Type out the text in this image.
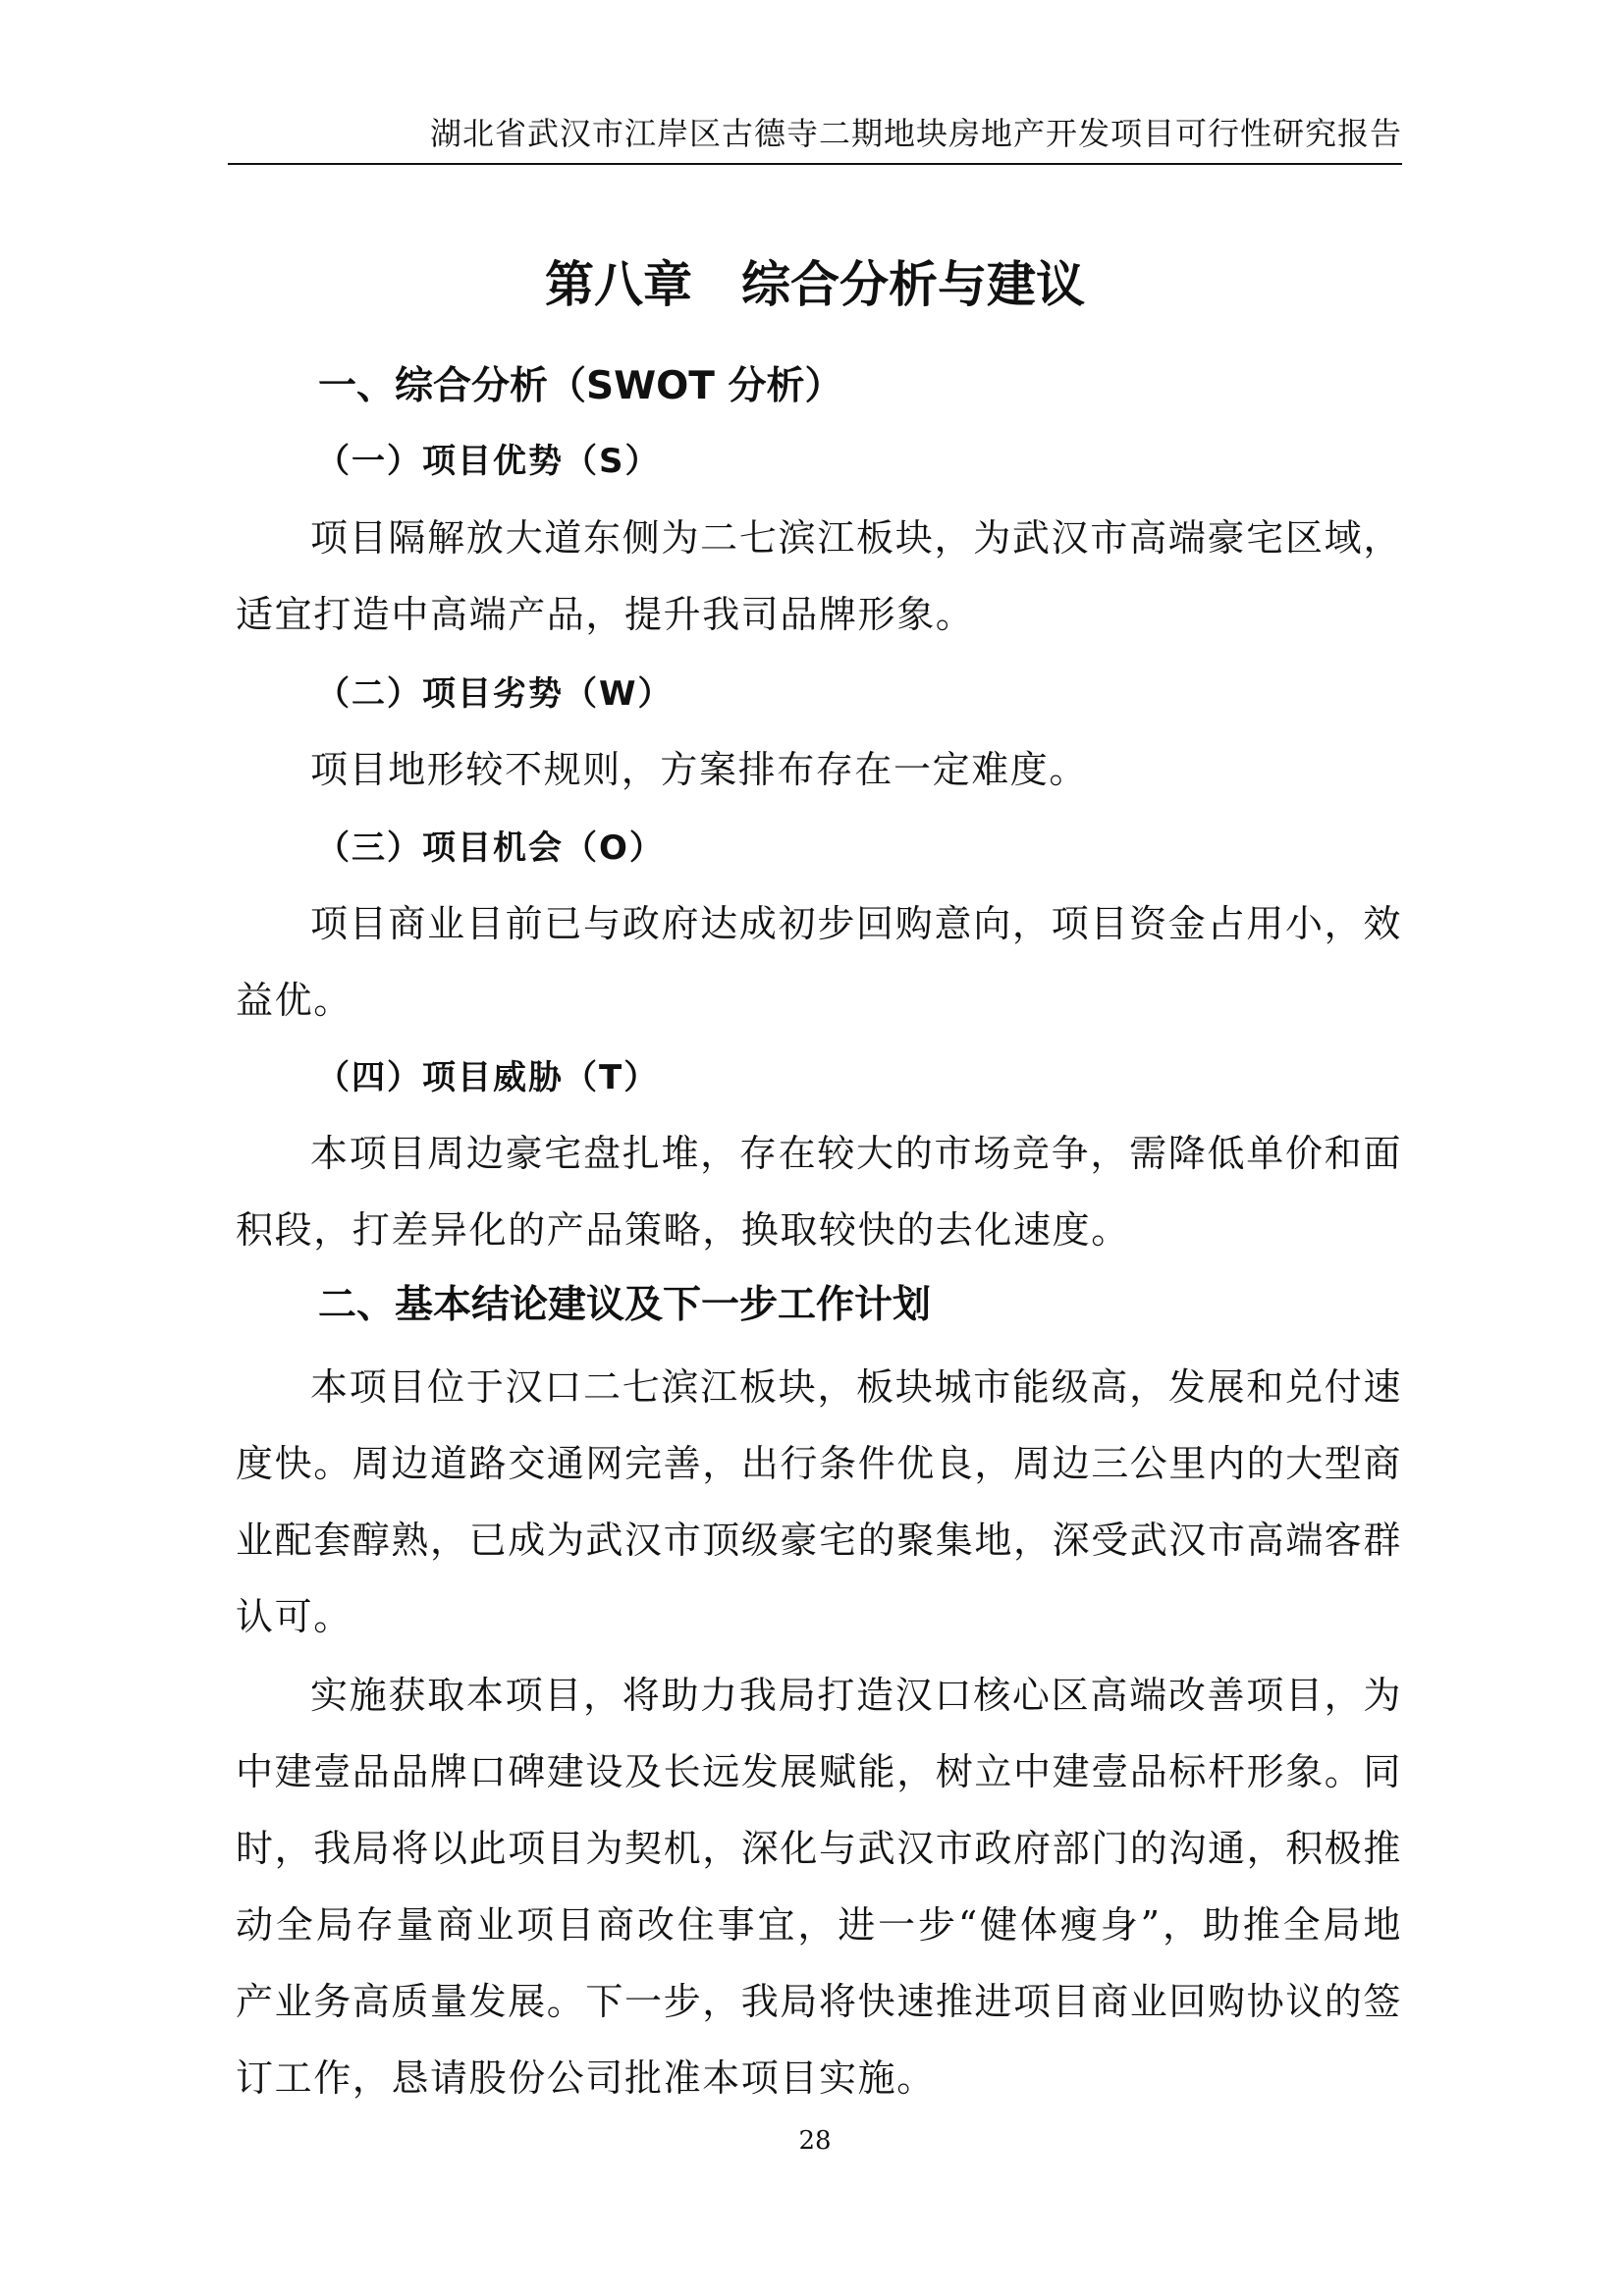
湖北省武汉市江岸区古德寺二期地块房地产开发项目可行性研究报告
第八章　综合分析与建议
一、综合分析（SWOT 分析）
（一）项目优势（S）

项目隔解放大道东侧为二七滨江板块，为武汉市高端豪宅区域，适宜打造中高端产品，提升我司品牌形象。

（二）项目劣势（W）

项目地形较不规则，方案排布存在一定难度。

（三）项目机会（O）

项目商业目前已与政府达成初步回购意向，项目资金占用小，效益优。

（四）项目威胁（T）

本项目周边豪宅盘扎堆，存在较大的市场竞争，需降低单价和面积段，打差异化的产品策略，换取较快的去化速度。

二、基本结论建议及下一步工作计划

本项目位于汉口二七滨江板块，板块城市能级高，发展和兑付速度快。周边道路交通网完善，出行条件优良，周边三公里内的大型商业配套醇熟，已成为武汉市顶级豪宅的聚集地，深受武汉市高端客群认可。

实施获取本项目，将助力我局打造汉口核心区高端改善项目，为中建壹品品牌口碑建设及长远发展赋能，树立中建壹品标杆形象。同时，我局将以此项目为契机，深化与武汉市政府部门的沟通，积极推动全局存量商业项目商改住事宜，进一步“健体瘦身”，助推全局地产业务高质量发展。下一步，我局将快速推进项目商业回购协议的签订工作，恳请股份公司批准本项目实施。

28
